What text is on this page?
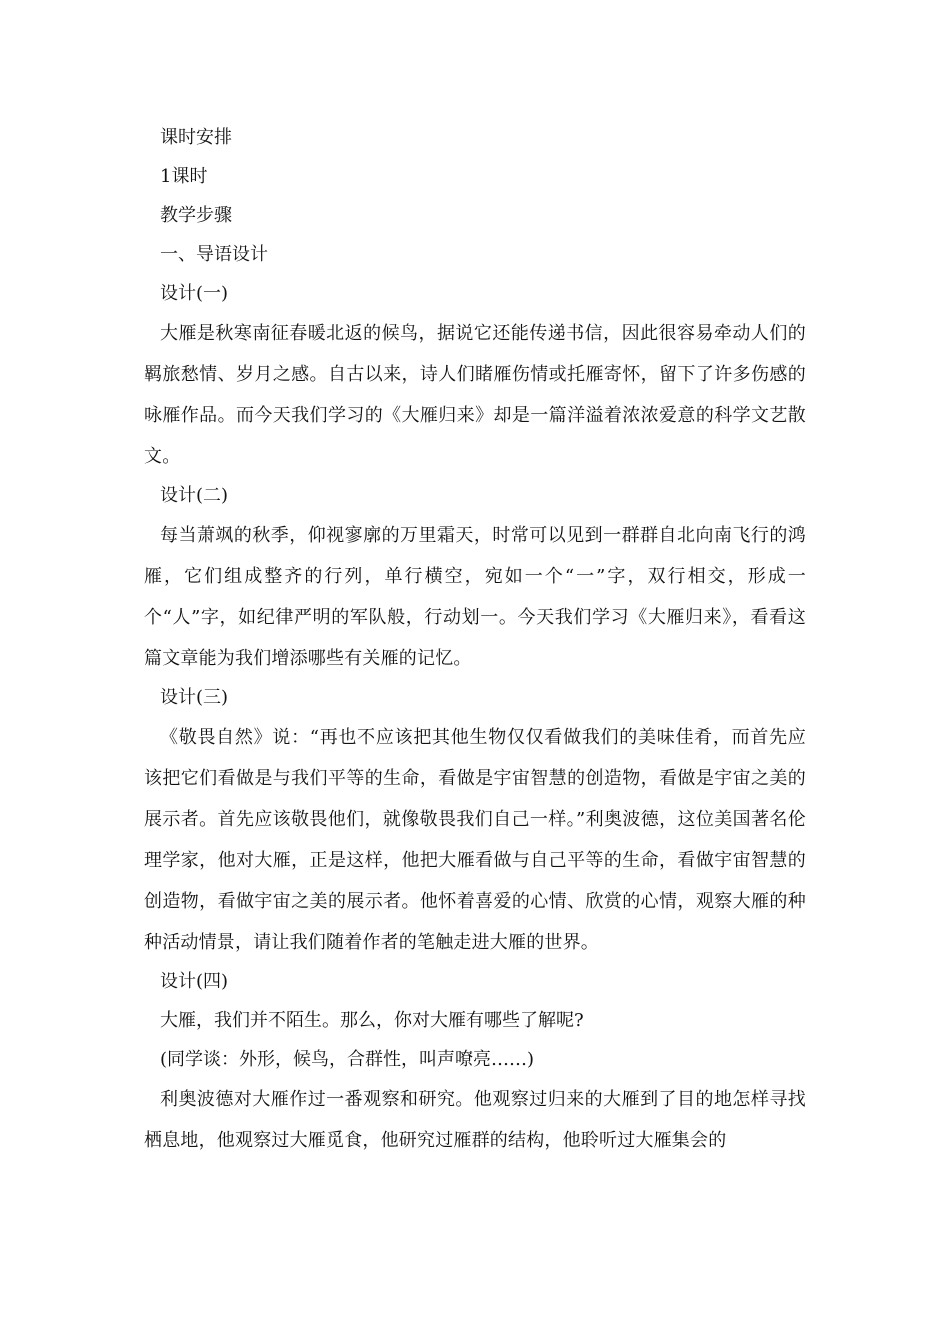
课时安排
1课时
教学步骤
一、导语设计
设计(一)

大雁是秋寒南征春暖北返的候鸟，据说它还能传递书信，因此很容易牵动人们的羁旅愁情、岁月之感。自古以来，诗人们睹雁伤情或托雁寄怀，留下了许多伤感的咏雁作品。而今天我们学习的《大雁归来》却是一篇洋溢着浓浓爱意的科学文艺散文。

设计(二)

每当萧飒的秋季，仰视寥廓的万里霜天，时常可以见到一群群自北向南飞行的鸿雁，它们组成整齐的行列，单行横空，宛如一个“一”字，双行相交，形成一个“人”字，如纪律严明的军队般，行动划一。今天我们学习《大雁归来》，看看这篇文章能为我们增添哪些有关雁的记忆。

设计(三)

《敬畏自然》说：“再也不应该把其他生物仅仅看做我们的美味佳肴，而首先应该把它们看做是与我们平等的生命，看做是宇宙智慧的创造物，看做是宇宙之美的展示者。首先应该敬畏他们，就像敬畏我们自己一样。”利奥波德，这位美国著名伦理学家，他对大雁，正是这样，他把大雁看做与自己平等的生命，看做宇宙智慧的创造物，看做宇宙之美的展示者。他怀着喜爱的心情、欣赏的心情，观察大雁的种种活动情景，请让我们随着作者的笔触走进大雁的世界。

设计(四)
大雁，我们并不陌生。那么，你对大雁有哪些了解呢?
(同学谈：外形，候鸟，合群性，叫声嘹亮……)

利奥波德对大雁作过一番观察和研究。他观察过归来的大雁到了目的地怎样寻找栖息地，他观察过大雁觅食，他研究过雁群的结构，他聆听过大雁集会的
